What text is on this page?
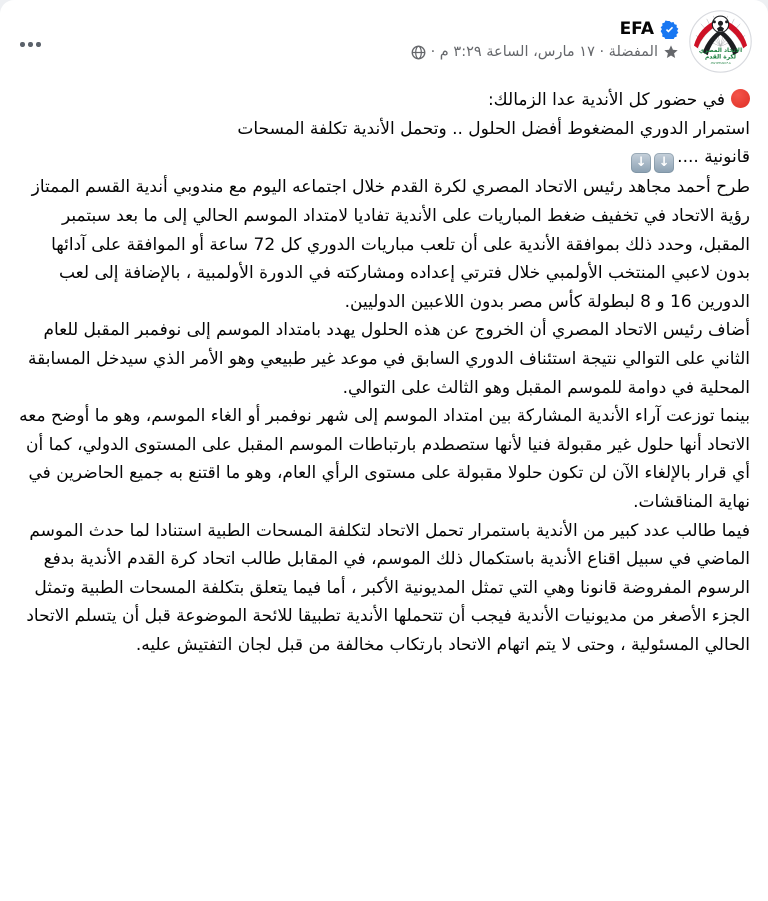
الاتحاد المصري
لكرة القدم
EGYPTIAN F.A.
EFA
المفضلة · ١٧ مارس، الساعة ٣:٢٩ م ·

في حضور كل الأندية عدا الزمالك:
استمرار الدوري المضغوط أفضل الحلول .. وتحمل الأندية تكلفة المسحات
قانونية ....↓↓

طرح أحمد مجاهد رئيس الاتحاد المصري لكرة القدم خلال اجتماعه اليوم مع مندوبي أندية القسم الممتاز رؤية الاتحاد في تخفيف ضغط المباريات على الأندية تفاديا لامتداد الموسم الحالي إلى ما بعد سبتمبر المقبل، وحدد ذلك بموافقة الأندية على أن تلعب مباريات الدوري كل 72 ساعة أو الموافقة على آدائها بدون لاعبي المنتخب الأولمبي خلال فترتي إعداده ومشاركته في الدورة الأولمبية ، بالإضافة إلى لعب الدورين 16 و 8 لبطولة كأس مصر بدون اللاعبين الدوليين.

أضاف رئيس الاتحاد المصري أن الخروج عن هذه الحلول يهدد بامتداد الموسم إلى نوفمبر المقبل للعام الثاني على التوالي نتيجة استئناف الدوري السابق في موعد غير طبيعي وهو الأمر الذي سيدخل المسابقة المحلية في دوامة للموسم المقبل وهو الثالث على التوالي.

بينما توزعت آراء الأندية المشاركة بين امتداد الموسم إلى شهر نوفمبر أو الغاء الموسم، وهو ما أوضح معه الاتحاد أنها حلول غير مقبولة فنيا لأنها ستصطدم بارتباطات الموسم المقبل على المستوى الدولي، كما أن أي قرار بالإلغاء الآن لن تكون حلولا مقبولة على مستوى الرأي العام، وهو ما اقتنع به جميع الحاضرين في نهاية المناقشات.

فيما طالب عدد كبير من الأندية باستمرار تحمل الاتحاد لتكلفة المسحات الطبية استنادا لما حدث الموسم الماضي في سبيل اقناع الأندية باستكمال ذلك الموسم، في المقابل طالب اتحاد كرة القدم الأندية بدفع الرسوم المفروضة قانونا وهي التي تمثل المديونية الأكبر ، أما فيما يتعلق بتكلفة المسحات الطبية وتمثل الجزء الأصغر من مديونيات الأندية فيجب أن تتحملها الأندية تطبيقا للائحة الموضوعة قبل أن يتسلم الاتحاد الحالي المسئولية ، وحتى لا يتم اتهام الاتحاد بارتكاب مخالفة من قبل لجان التفتيش عليه.
